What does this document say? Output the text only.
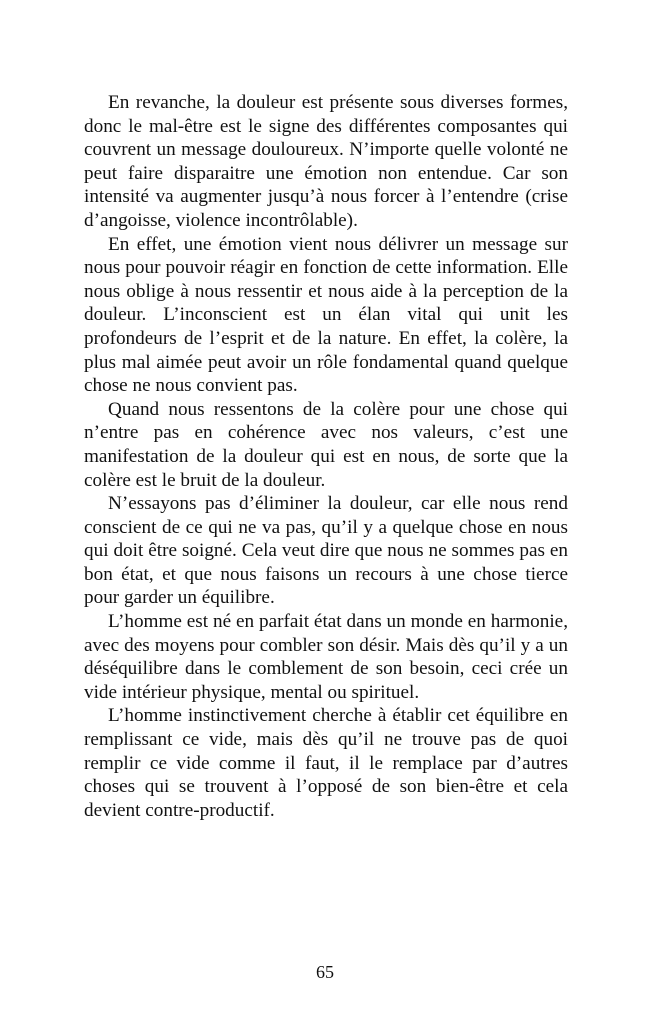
En revanche, la douleur est présente sous diverses formes, donc le mal-être est le signe des différentes composantes qui couvrent un message douloureux. N’importe quelle volonté ne peut faire disparaitre une émotion non entendue. Car son intensité va augmenter jusqu’à nous forcer à l’entendre (crise d’angoisse, violence incontrôlable).

En effet, une émotion vient nous délivrer un message sur nous pour pouvoir réagir en fonction de cette information. Elle nous oblige à nous ressentir et nous aide à la perception de la douleur. L’inconscient est un élan vital qui unit les profondeurs de l’esprit et de la nature. En effet, la colère, la plus mal aimée peut avoir un rôle fondamental quand quelque chose ne nous convient pas.

Quand nous ressentons de la colère pour une chose qui n’entre pas en cohérence avec nos valeurs, c’est une manifestation de la douleur qui est en nous, de sorte que la colère est le bruit de la douleur.

N’essayons pas d’éliminer la douleur, car elle nous rend conscient de ce qui ne va pas, qu’il y a quelque chose en nous qui doit être soigné. Cela veut dire que nous ne sommes pas en bon état, et que nous faisons un recours à une chose tierce pour garder un équilibre.

L’homme est né en parfait état dans un monde en harmonie, avec des moyens pour combler son désir. Mais dès qu’il y a un déséquilibre dans le comblement de son besoin, ceci crée un vide intérieur physique, mental ou spirituel.

L’homme instinctivement cherche à établir cet équilibre en remplissant ce vide, mais dès qu’il ne trouve pas de quoi remplir ce vide comme il faut, il le remplace par d’autres choses qui se trouvent à l’opposé de son bien-être et cela devient contre-productif.

65
